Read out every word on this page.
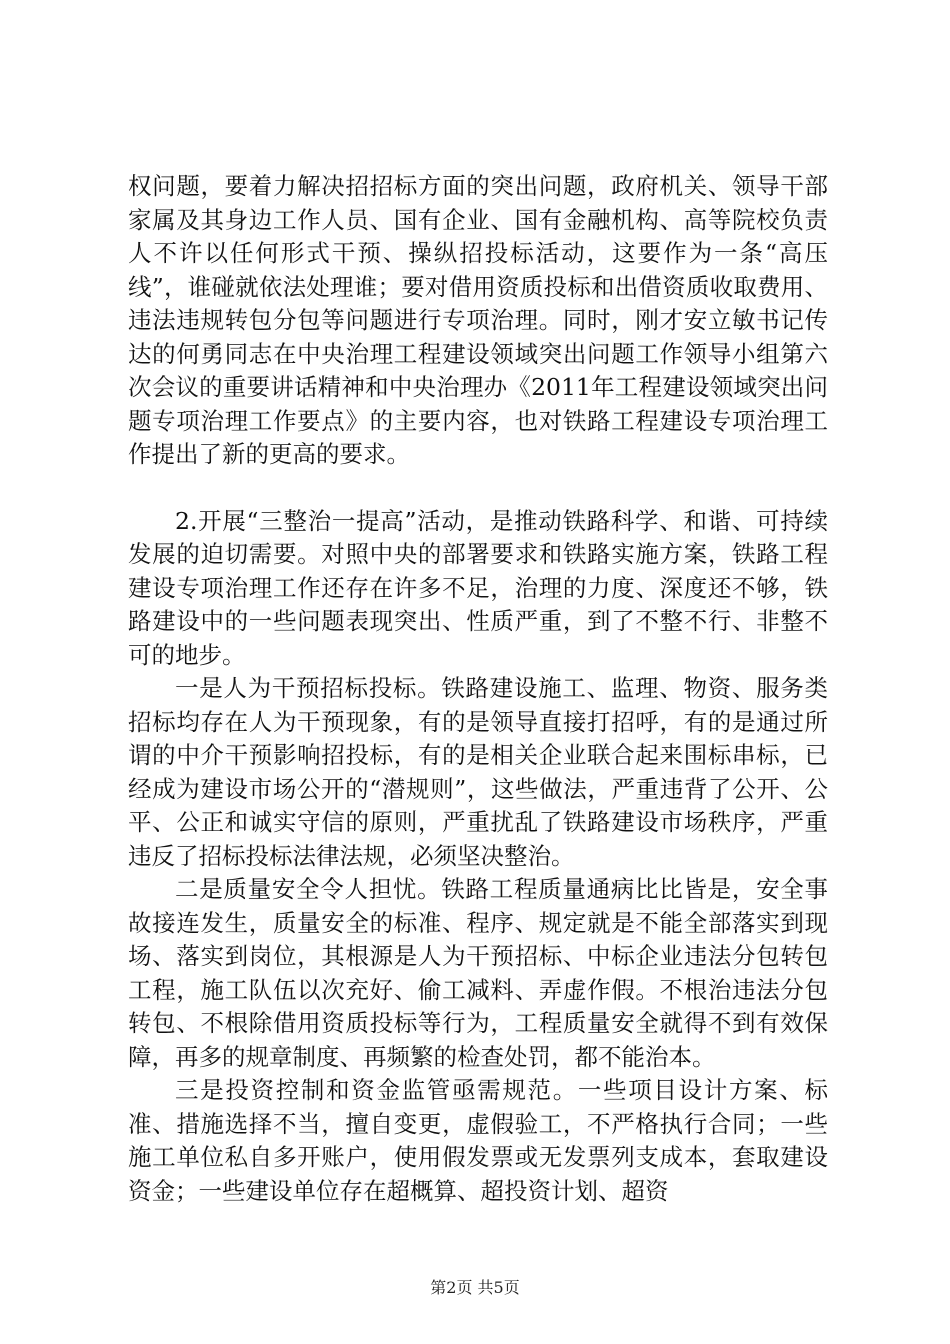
权问题，要着力解决招招标方面的突出问题，政府机关、领导干部家属及其身边工作人员、国有企业、国有金融机构、高等院校负责人不许以任何形式干预、操纵招投标活动，这要作为一条“高压线”，谁碰就依法处理谁；要对借用资质投标和出借资质收取费用、违法违规转包分包等问题进行专项治理。同时，刚才安立敏书记传达的何勇同志在中央治理工程建设领域突出问题工作领导小组第六次会议的重要讲话精神和中央治理办《2011年工程建设领域突出问题专项治理工作要点》的主要内容，也对铁路工程建设专项治理工作提出了新的更高的要求。

2.开展“三整治一提高”活动，是推动铁路科学、和谐、可持续发展的迫切需要。对照中央的部署要求和铁路实施方案，铁路工程建设专项治理工作还存在许多不足，治理的力度、深度还不够，铁路建设中的一些问题表现突出、性质严重，到了不整不行、非整不可的地步。

一是人为干预招标投标。铁路建设施工、监理、物资、服务类招标均存在人为干预现象，有的是领导直接打招呼，有的是通过所谓的中介干预影响招投标，有的是相关企业联合起来围标串标，已经成为建设市场公开的“潜规则”，这些做法，严重违背了公开、公平、公正和诚实守信的原则，严重扰乱了铁路建设市场秩序，严重违反了招标投标法律法规，必须坚决整治。

二是质量安全令人担忧。铁路工程质量通病比比皆是，安全事故接连发生，质量安全的标准、程序、规定就是不能全部落实到现场、落实到岗位，其根源是人为干预招标、中标企业违法分包转包工程，施工队伍以次充好、偷工减料、弄虚作假。不根治违法分包转包、不根除借用资质投标等行为，工程质量安全就得不到有效保障，再多的规章制度、再频繁的检查处罚，都不能治本。

三是投资控制和资金监管亟需规范。一些项目设计方案、标准、措施选择不当，擅自变更，虚假验工，不严格执行合同；一些施工单位私自多开账户，使用假发票或无发票列支成本，套取建设资金；一些建设单位存在超概算、超投资计划、超资

第2页 共5页
